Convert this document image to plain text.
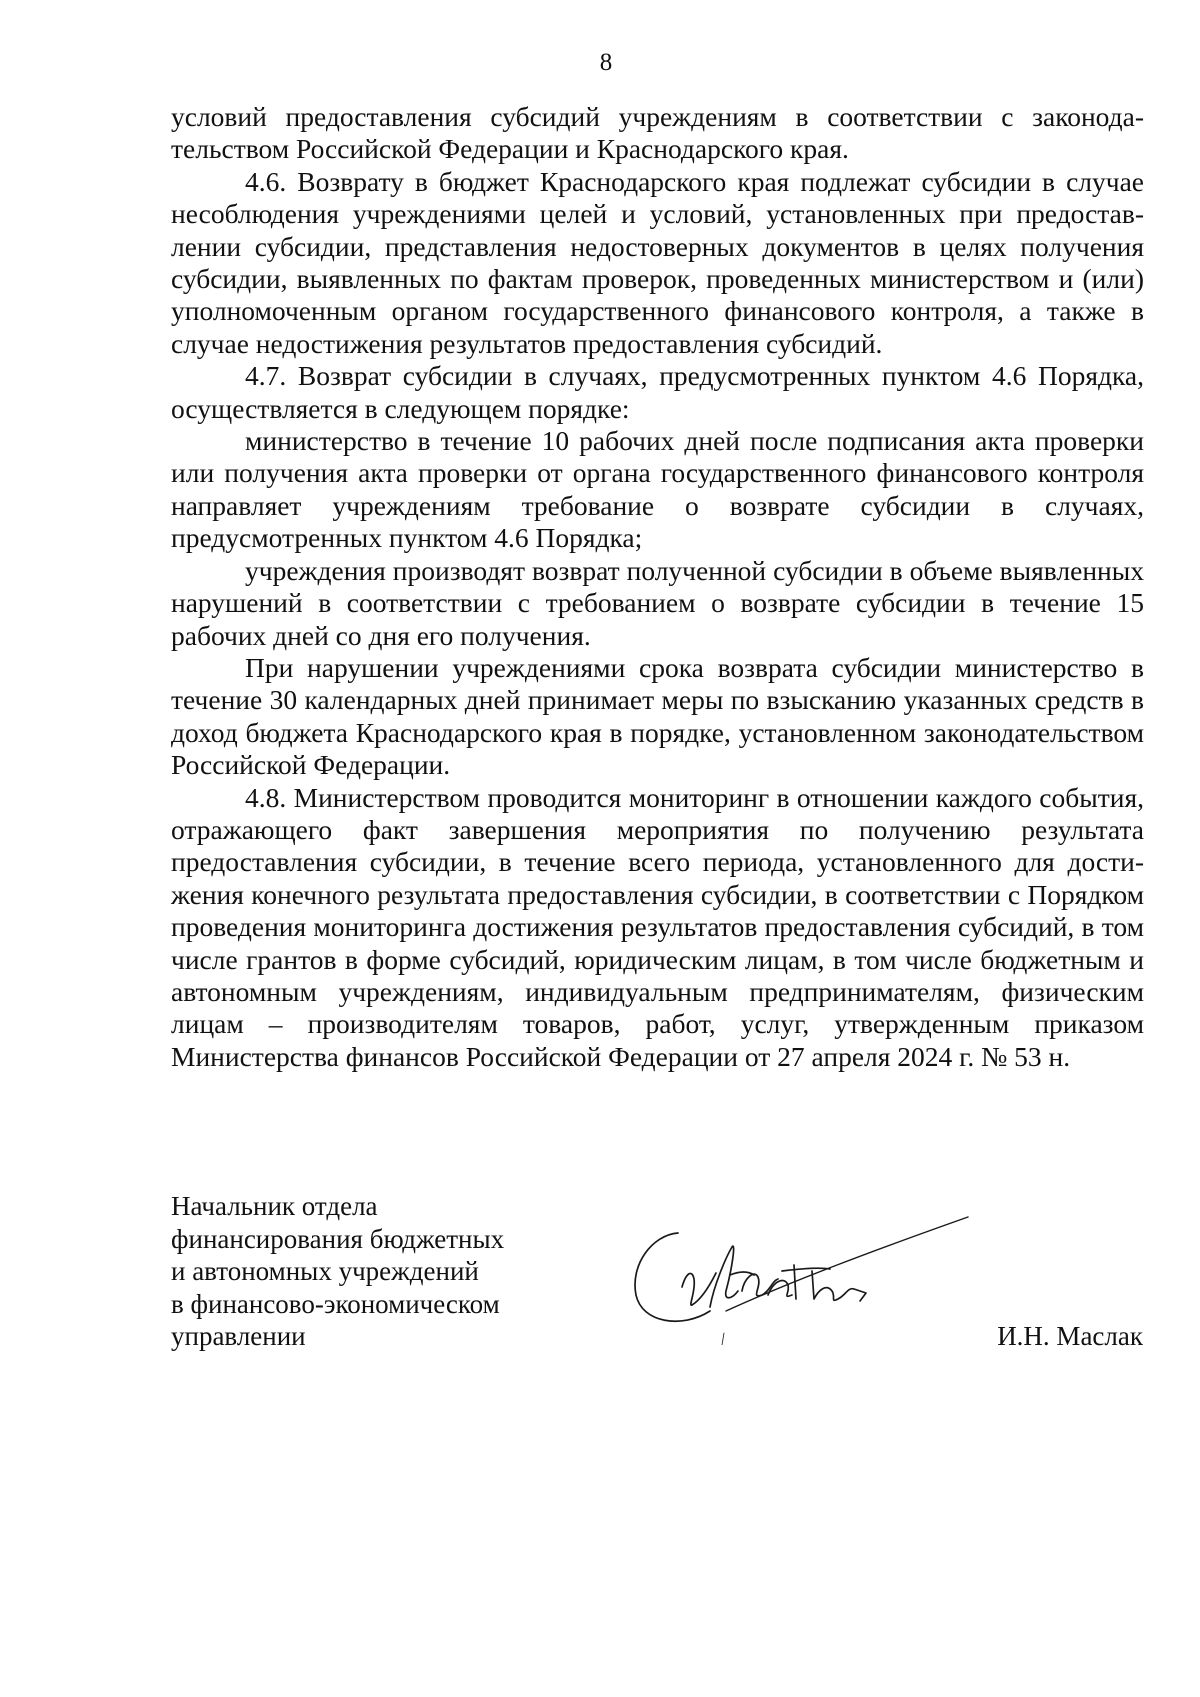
8

условий предоставления субсидий учреждениям в соответствии с законодательством Российской Федерации и Краснодарского края.

4.6. Возврату в бюджет Краснодарского края подлежат субсидии в случае несоблюдения учреждениями целей и условий, установленных при предоставлении субсидии, представления недостоверных документов в целях получения субсидии, выявленных по фактам проверок, проведенных министерством и (или) уполномоченным органом государственного финансового контроля, а также в случае недостижения результатов предоставления субсидий.

4.7. Возврат субсидии в случаях, предусмотренных пунктом 4.6 Порядка, осуществляется в следующем порядке:

министерство в течение 10 рабочих дней после подписания акта проверки или получения акта проверки от органа государственного финансового контроля направляет учреждениям требование о возврате субсидии в случаях, предусмотренных пунктом 4.6 Порядка;

учреждения производят возврат полученной субсидии в объеме выявленных нарушений в соответствии с требованием о возврате субсидии в течение 15 рабочих дней со дня его получения.

При нарушении учреждениями срока возврата субсидии министерство в течение 30 календарных дней принимает меры по взысканию указанных средств в доход бюджета Краснодарского края в порядке, установленном законодательством Российской Федерации.

4.8. Министерством проводится мониторинг в отношении каждого события, отражающего факт завершения мероприятия по получению результата предоставления субсидии, в течение всего периода, установленного для достижения конечного результата предоставления субсидии, в соответствии с Порядком проведения мониторинга достижения результатов предоставления субсидий, в том числе грантов в форме субсидий, юридическим лицам, в том числе бюджетным и автономным учреждениям, индивидуальным предпринимателям, физическим лицам – производителям товаров, работ, услуг, утвержденным приказом Министерства финансов Российской Федерации от 27 апреля 2024 г. № 53 н.

Начальник отдела
финансирования бюджетных
и автономных учреждений
в финансово-экономическом
управлении	И.Н. Маслак
